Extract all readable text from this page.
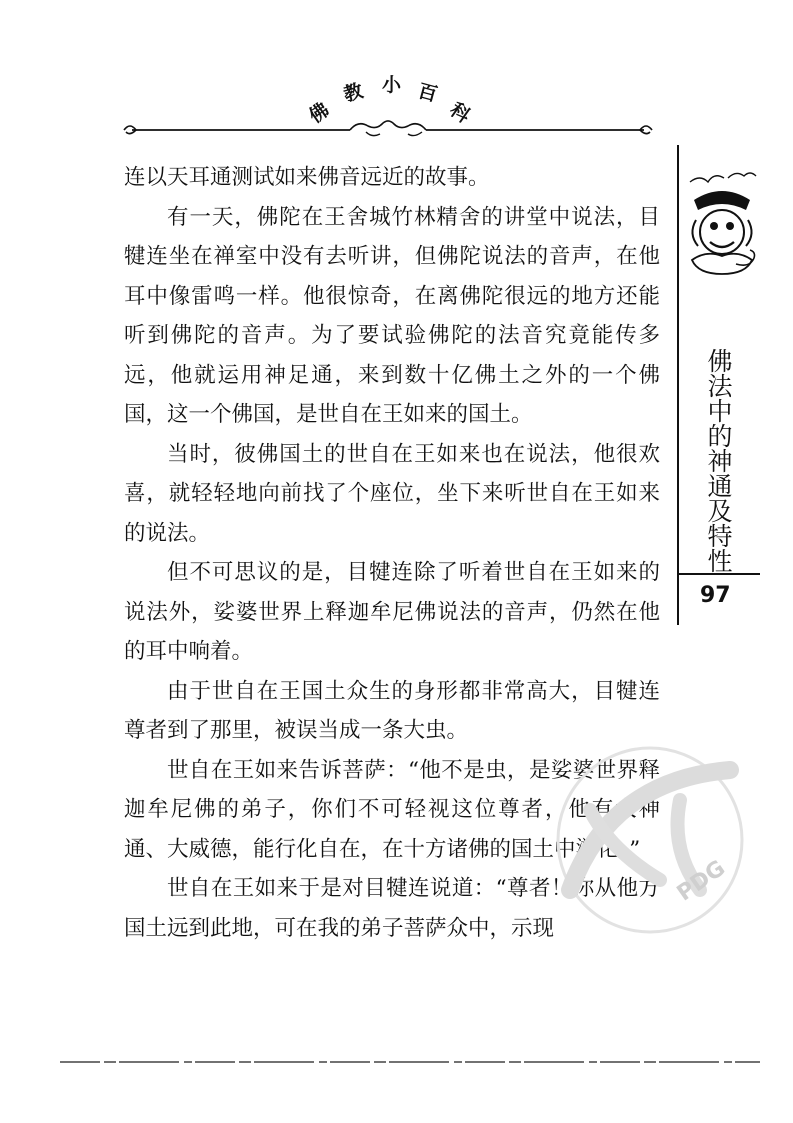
佛
教 小 百
科

连以天耳通测试如来佛音远近的故事。

有一天，佛陀在王舍城竹林精舍的讲堂中说法，目犍连坐在禅室中没有去听讲，但佛陀说法的音声，在他耳中像雷鸣一样。他很惊奇，在离佛陀很远的地方还能听到佛陀的音声。为了要试验佛陀的法音究竟能传多远，他就运用神足通，来到数十亿佛土之外的一个佛国，这一个佛国，是世自在王如来的国土。

当时，彼佛国土的世自在王如来也在说法，他很欢喜，就轻轻地向前找了个座位，坐下来听世自在王如来的说法。

但不可思议的是，目犍连除了听着世自在王如来的说法外，娑婆世界上释迦牟尼佛说法的音声，仍然在他的耳中响着。

由于世自在王国土众生的身形都非常高大，目犍连尊者到了那里，被误当成一条大虫。

世自在王如来告诉菩萨：“他不是虫，是娑婆世界释迦牟尼佛的弟子，你们不可轻视这位尊者，他有大神通、大威德，能行化自在，在十方诸佛的国土中游化。”

世自在王如来于是对目犍连说道：“尊者！你从他方国土远到此地，可在我的弟子菩萨众中，示现

佛法中的神通及特性
97
PDG
